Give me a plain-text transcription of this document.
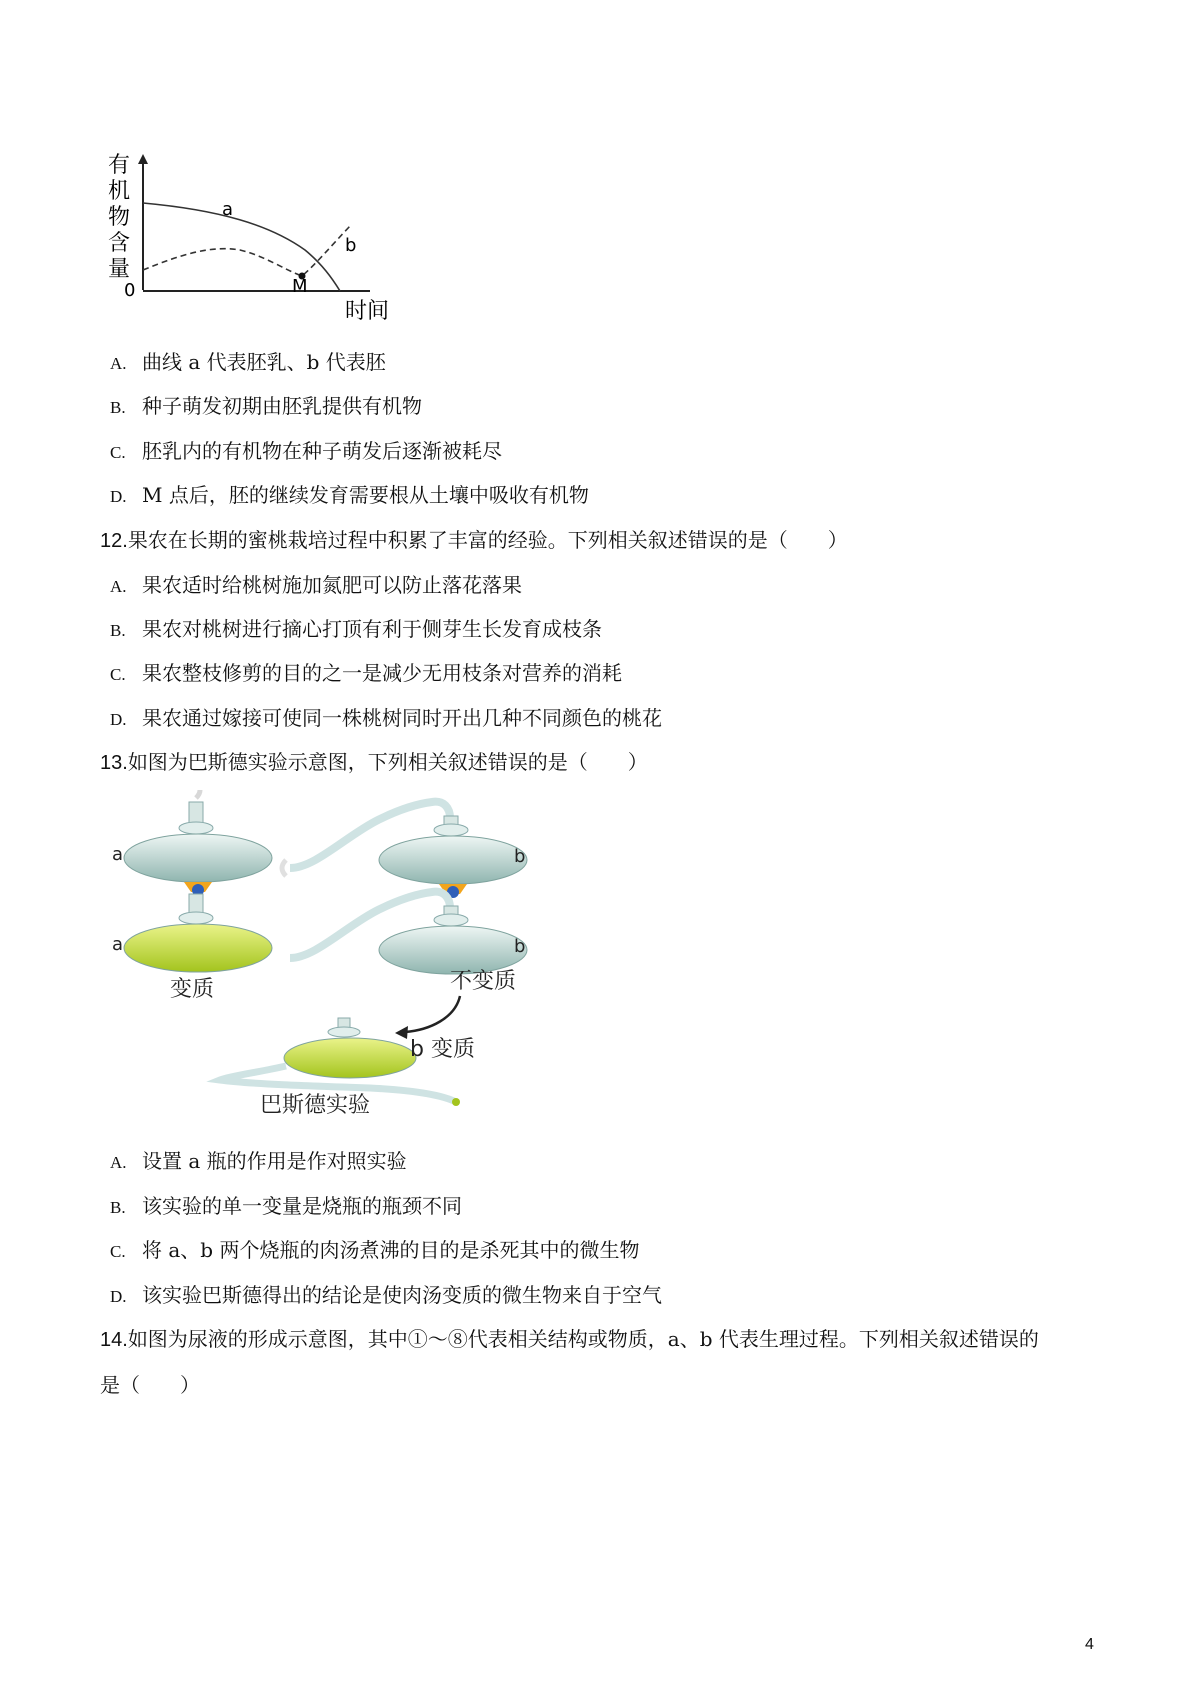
有
机
物
含
量
0
时间
a
b
M
A. 曲线 a 代表胚乳、b 代表胚
B. 种子萌发初期由胚乳提供有机物
C. 胚乳内的有机物在种子萌发后逐渐被耗尽
D. M 点后，胚的继续发育需要根从土壤中吸收有机物
12.果农在长期的蜜桃栽培过程中积累了丰富的经验。下列相关叙述错误的是（　　）
A. 果农适时给桃树施加氮肥可以防止落花落果
B. 果农对桃树进行摘心打顶有利于侧芽生长发育成枝条
C. 果农整枝修剪的目的之一是减少无用枝条对营养的消耗
D. 果农通过嫁接可使同一株桃树同时开出几种不同颜色的桃花
13.如图为巴斯德实验示意图，下列相关叙述错误的是（　　）
a	b
a
变质
b
不变质
b 变质
巴斯德实验
A. 设置 a 瓶的作用是作对照实验
B. 该实验的单一变量是烧瓶的瓶颈不同
C. 将 a、b 两个烧瓶的肉汤煮沸的目的是杀死其中的微生物
D. 该实验巴斯德得出的结论是使肉汤变质的微生物来自于空气
14.如图为尿液的形成示意图，其中①～⑧代表相关结构或物质，a、b 代表生理过程。下列相关叙述错误的
是（　　）
4
